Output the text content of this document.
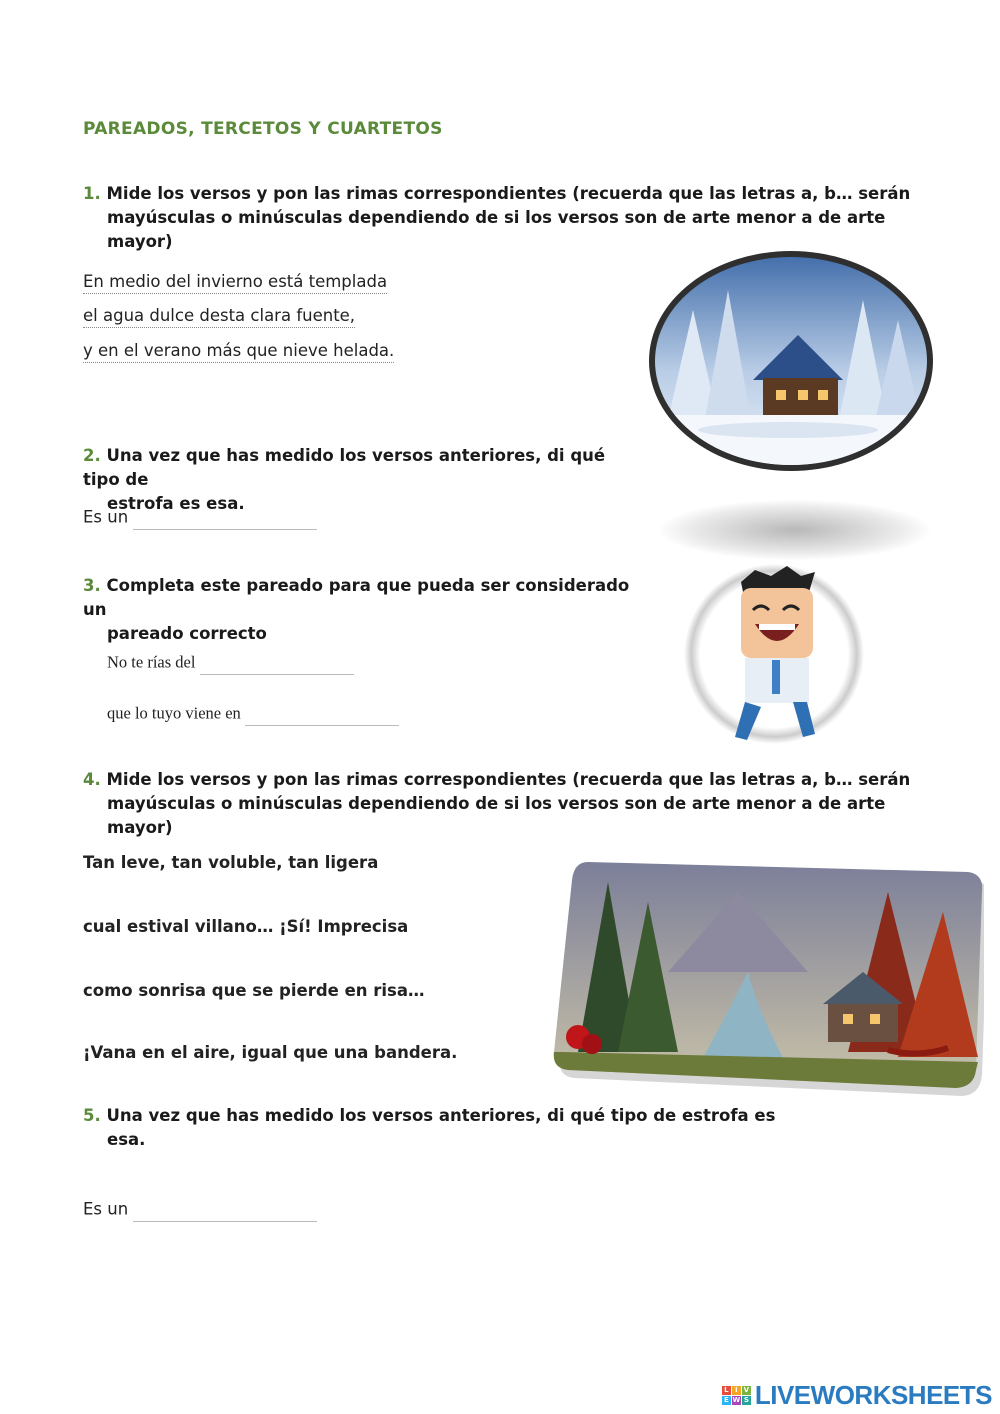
PAREADOS, TERCETOS Y CUARTETOS
1. Mide los versos y pon las rimas correspondientes (recuerda que las letras a, b… serán
mayúsculas o minúsculas dependiendo de si los versos son de arte menor a de arte mayor)
En medio del invierno está templada
el agua dulce desta clara fuente,
y en el verano más que nieve helada.
2. Una vez que has medido los versos anteriores, di qué tipo de
estrofa es esa.
Es un
3. Completa este pareado para que pueda ser considerado un
pareado correcto
No te rías del
que lo tuyo viene en
4. Mide los versos y pon las rimas correspondientes (recuerda que las letras a, b… serán
mayúsculas o minúsculas dependiendo de si los versos son de arte menor a de arte mayor)
Tan leve, tan voluble, tan ligera
cual estival villano… ¡Sí! Imprecisa
como sonrisa que se pierde en risa…
¡Vana en el aire, igual que una bandera.
5. Una vez que has medido los versos anteriores, di qué tipo de estrofa es
esa.
Es un
L I V
E W S LIVEWORKSHEETS
